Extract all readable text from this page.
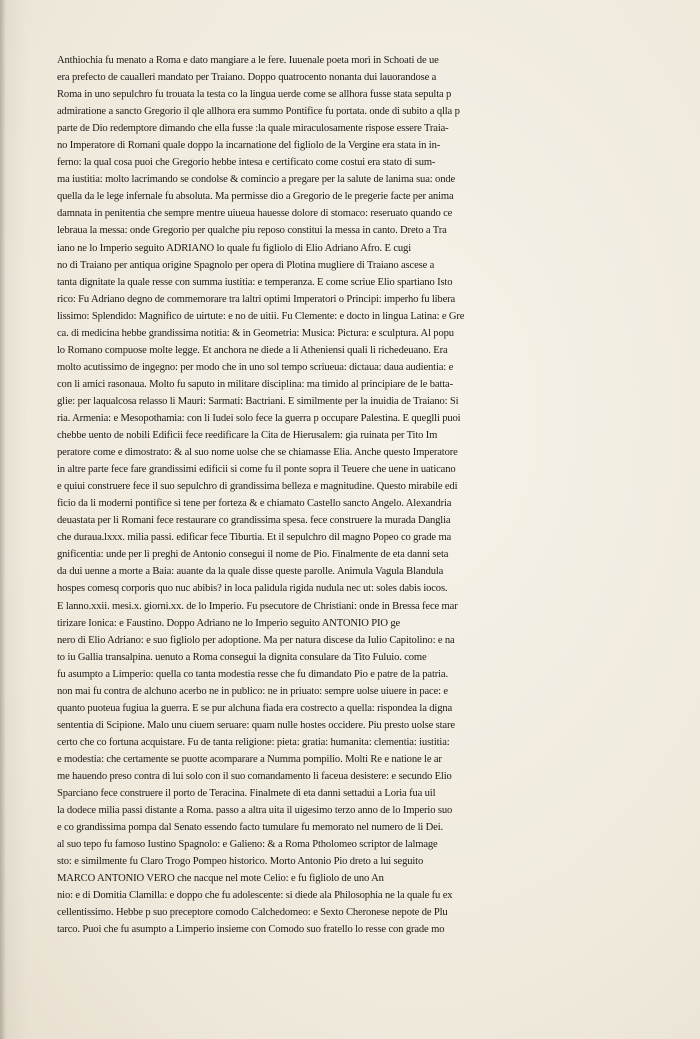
Anthiochia fu menato a Roma e dato mangiare a le fere. Iuuenale poeta morì in Schoati de ue
era prefecto de caualleri mandato per Traiano. Doppo quatrocento nonanta dui lauorandose a
Roma in uno sepulchro fu trouata la testa co la lingua uerde come se allhora fusse stata sepulta p
admiratione a sancto Gregorio il qle allhora era summo Pontifice fu portata. onde di subito a qlla p
parte de Dio redemptore dimando che ella fusse :la quale miraculosamente rispose essere Traia-
no Imperatore di Romani quale doppo la incarnatione del figliolo de la Vergine era stata in in-
ferno: la qual cosa puoi che Gregorio hebbe intesa e certificato come costui era stato di sum-
ma iustitia: molto lacrimando se condolse & comincio a pregare per la salute de lanima sua: onde
quella da le lege infernale fu absoluta. Ma permisse dio a Gregorio de le pregerie facte per anima
damnata in penitentia che sempre mentre uiueua hauesse dolore di stomaco: reseruato quando ce
lebraua la messa: onde Gregorio per qualche piu reposo constitui la messa in canto. Dreto a Tra
iano ne lo Imperio seguito ADRIANO lo quale fu figliolo di Elio Adriano Afro. E cugi
no di Traiano per antiqua origine Spagnolo per opera di Plotina mugliere di Traiano ascese a
tanta dignitate la quale resse con summa iustitia: e temperanza. E come scriue Elio spartiano Isto
rico: Fu Adriano degno de commemorare tra laltri optimi Imperatori o Principi: imperho fu libera
lissimo: Splendido: Magnifico de uirtute: e no de uitii. Fu Clemente: e docto in lingua Latina: e Gre
ca. di medicina hebbe grandissima notitia: & in Geometria: Musica: Pictura: e sculptura. Al popu
lo Romano compuose molte legge. Et anchora ne diede a li Atheniensi quali li richedeuano. Era
molto acutissimo de ingegno: per modo che in uno sol tempo scriueua: dictaua: daua audientia: e
con li amici rasonaua. Molto fu saputo in militare disciplina: ma timido al principiare de le batta-
glie: per laqualcosa relasso li Mauri: Sarmati: Bactriani. E similmente per la inuidia de Traiano: Si
ria. Armenia: e Mesopothamia: con li Iudei solo fece la guerra p occupare Palestina. E queglli puoi
chebbe uento de nobili Edificii fece reedificare la Cita de Hierusalem: gia ruinata per Tito Im
peratore come e dimostrato: & al suo nome uolse che se chiamasse Elia. Anche questo Imperatore
in altre parte fece fare grandissimi edificii si come fu il ponte sopra il Teuere che uene in uaticano
e quiui construere fece il suo sepulchro di grandissima belleza e magnitudine. Questo mirabile edi
ficio da li moderni pontifice si tene per forteza & e chiamato Castello sancto Angelo. Alexandria
deuastata per li Romani fece restaurare co grandissima spesa. fece construere la murada Danglia
che duraua.lxxx. milia passi. edificar fece Tiburtia. Et il sepulchro dil magno Popeo co grade ma
gnificentia: unde per li preghi de Antonio consegui il nome de Pio. Finalmente de eta danni seta
da dui uenne a morte a Baia: auante da la quale disse queste parolle. Animula Vagula Blandula
hospes comesq corporis quo nuc abibis? in loca palidula rigida nudula nec ut: soles dabis iocos.
E lanno.xxii. mesi.x. giorni.xx. de lo Imperio. Fu psecutore de Christiani: onde in Bressa fece mar
tirizare Ionica: e Faustino. Doppo Adriano ne lo Imperio seguito ANTONIO PIO ge
nero di Elio Adriano: e suo figliolo per adoptione. Ma per natura discese da Iulio Capitolino: e na
to iu Gallia transalpina. uenuto a Roma consegui la dignita consulare da Tito Fuluio. come
fu asumpto a Limperio: quella co tanta modestia resse che fu dimandato Pio e patre de la patria.
non mai fu contra de alchuno acerbo ne in publico: ne in priuato: sempre uolse uiuere in pace: e
quanto puoteua fugiua la guerra. E se pur alchuna fiada era costrecto a quella: rispondea la digna
sententia di Scipione. Malo unu ciuem seruare: quam nulle hostes occidere. Piu presto uolse stare
certo che co fortuna acquistare. Fu de tanta religione: pieta: gratia: humanita: clementia: iustitia:
e modestia: che certamente se puotte acomparare a Numma pompilio. Molti Re e natione le ar
me hauendo preso contra di lui solo con il suo comandamento li faceua desistere: e secundo Elio
Sparciano fece construere il porto de Teracina. Finalmete di eta danni settadui a Loria fua uil
la dodece milia passi distante a Roma. passo a altra uita il uigesimo terzo anno de lo Imperio suo
e co grandissima pompa dal Senato essendo facto tumulare fu memorato nel numero de li Dei.
al suo tepo fu famoso Iustino Spagnolo: e Galieno: & a Roma Ptholomeo scriptor de lalmage
sto: e similmente fu Claro Trogo Pompeo historico. Morto Antonio Pio dreto a lui seguito
MARCO ANTONIO VERO che nacque nel mote Celio: e fu figliolo de uno An
nio: e di Domitia Clamilla: e doppo che fu adolescente: si diede ala Philosophia ne la quale fu ex
cellentissimo. Hebbe p suo preceptore comodo Calchedomeo: e Sexto Cheronese nepote de Plu
tarco. Puoi che fu asumpto a Limperio insieme con Comodo suo fratello lo resse con grade mo
